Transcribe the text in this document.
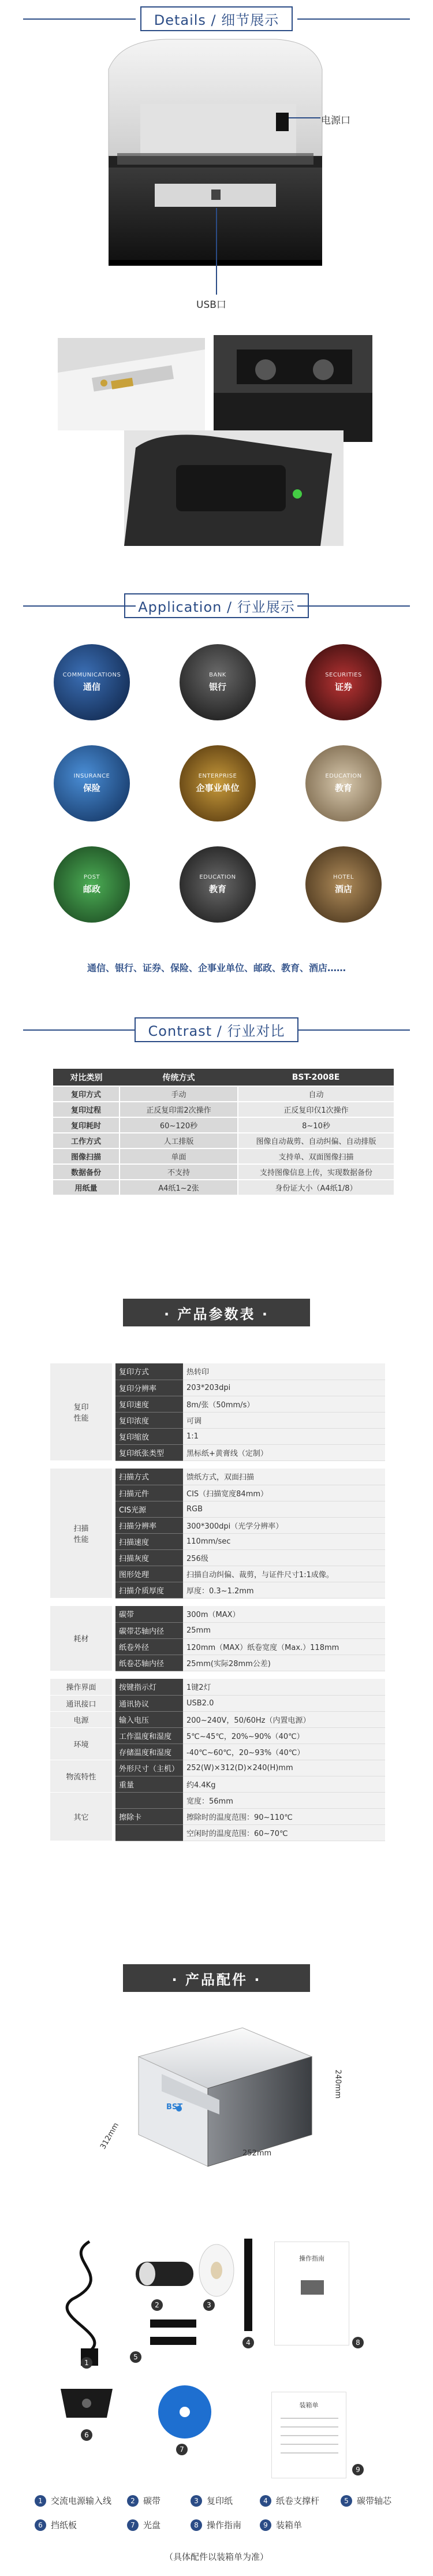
Details / 细节展示
电源口
USB口
████
Application / 行业展示
COMMUNICATIONS
通信
BANK
银行
SECURITIES
证券
INSURANCE
保险
ENTERPRISE
企事业单位
EDUCATION
教育
POST
邮政
EDUCATION
教育
HOTEL
酒店
通信、银行、证券、保险、企事业单位、邮政、教育、酒店……
Contrast / 行业对比
对比类别	传统方式	BST-2008E
复印方式	手动	自动
复印过程	正反复印需2次操作	正反复印仅1次操作
复印耗时	60~120秒	8~10秒
工作方式	人工排版	图像自动裁剪、自动纠偏、自动排版
图像扫描	单面	支持单、双面图像扫描
数据备份	不支持	支持图像信息上传，实现数据备份
用纸量	A4纸1~2张	身份证大小（A4纸1/8）
· 产品参数表 ·
复印
性能	复印方式	热转印
	复印分辨率	203*203dpi
	复印速度	8m/张（50mm/s）
	复印浓度	可调
	复印缩放	1:1
	复印纸张类型	黑标纸+黄膏线（定制）

扫描
性能	扫描方式	馈纸方式，双面扫描
	扫描元件	CIS（扫描宽度84mm）
	CIS光源	RGB
	扫描分辨率	300*300dpi（光学分辨率）
	扫描速度	110mm/sec
	扫描灰度	256级
	图形处理	扫描自动纠偏、裁剪，与证件尺寸1:1成像。
	扫描介质厚度	厚度：0.3~1.2mm

耗材	碳带	300m（MAX）
	碳带芯轴内径	25mm
	纸卷外径	120mm（MAX）纸卷宽度（Max.）118mm
	纸卷芯轴内径	25mm(实际28mm公差)

操作界面	按键指示灯	1键2灯
通讯接口	通讯协议	USB2.0
电源	输入电压	200~240V，50/60Hz（内置电源）
环境	工作温度和湿度	5℃~45℃，20%~90%（40℃）
	存储温度和湿度	-40℃~60℃，20~93%（40℃）
物流特性	外形尺寸（主机）	252(W)×312(D)×240(H)mm
	重量	约4.4Kg
其它		宽度：56mm
	擦除卡	擦除时的温度范围：90~110℃
		空闲时的温度范围：60~70℃
· 产品配件 ·
252mm
312mm
240mm
BST
1
2	3
4
5
操作指南
8
6
7
装箱单
9
1 交流电源输入线	2 碳带	3 复印纸	4 纸卷支撑杆	5 碳带轴芯
6 挡纸板	7 光盘	8 操作指南	9 装箱单
（具体配件以装箱单为准）
